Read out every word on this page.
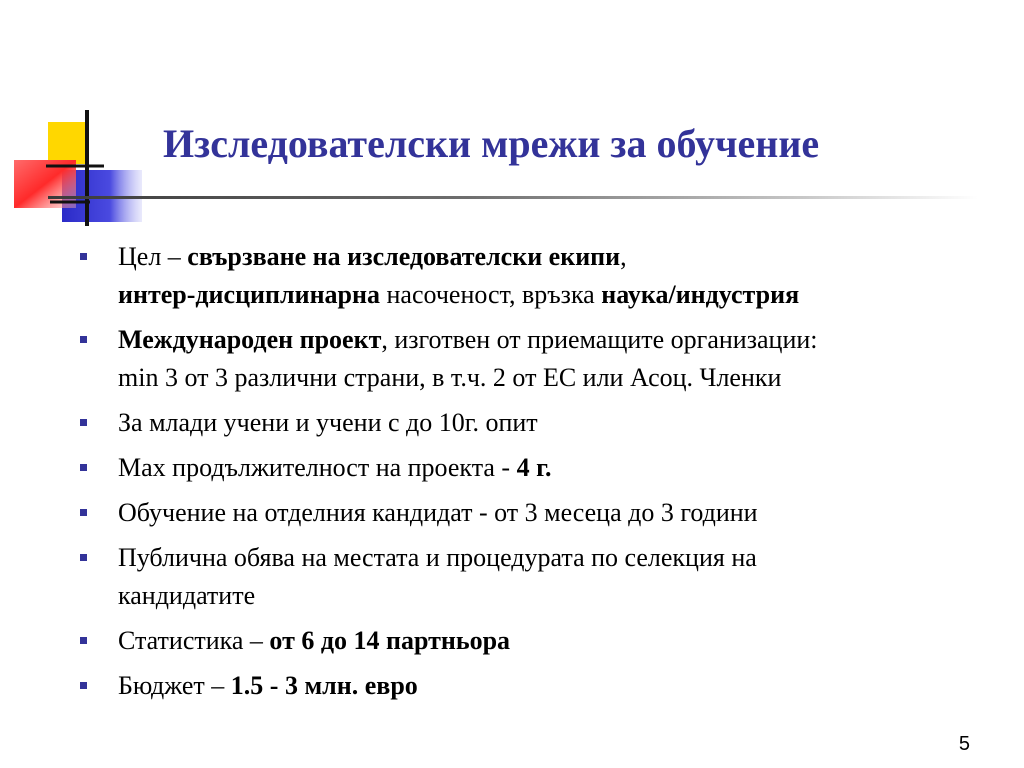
Изследователски мрежи за обучение
Цел – свързване на изследователски екипи,
интер-дисциплинарна насоченост, връзка наука/индустрия
Международен проект, изготвен от приемащите организации:
min 3 от 3 различни страни, в т.ч. 2 от ЕС или Асоц. Членки
За млади учени и учени с до 10г. опит
Max продължителност на проекта - 4 г.
Обучение на отделния кандидат - от 3 месеца до 3 години
Публична обява на местата и процедурата по селекция на
кандидатите
Статистика – от 6 до 14 партньора
Бюджет – 1.5 - 3 млн. евро
5
